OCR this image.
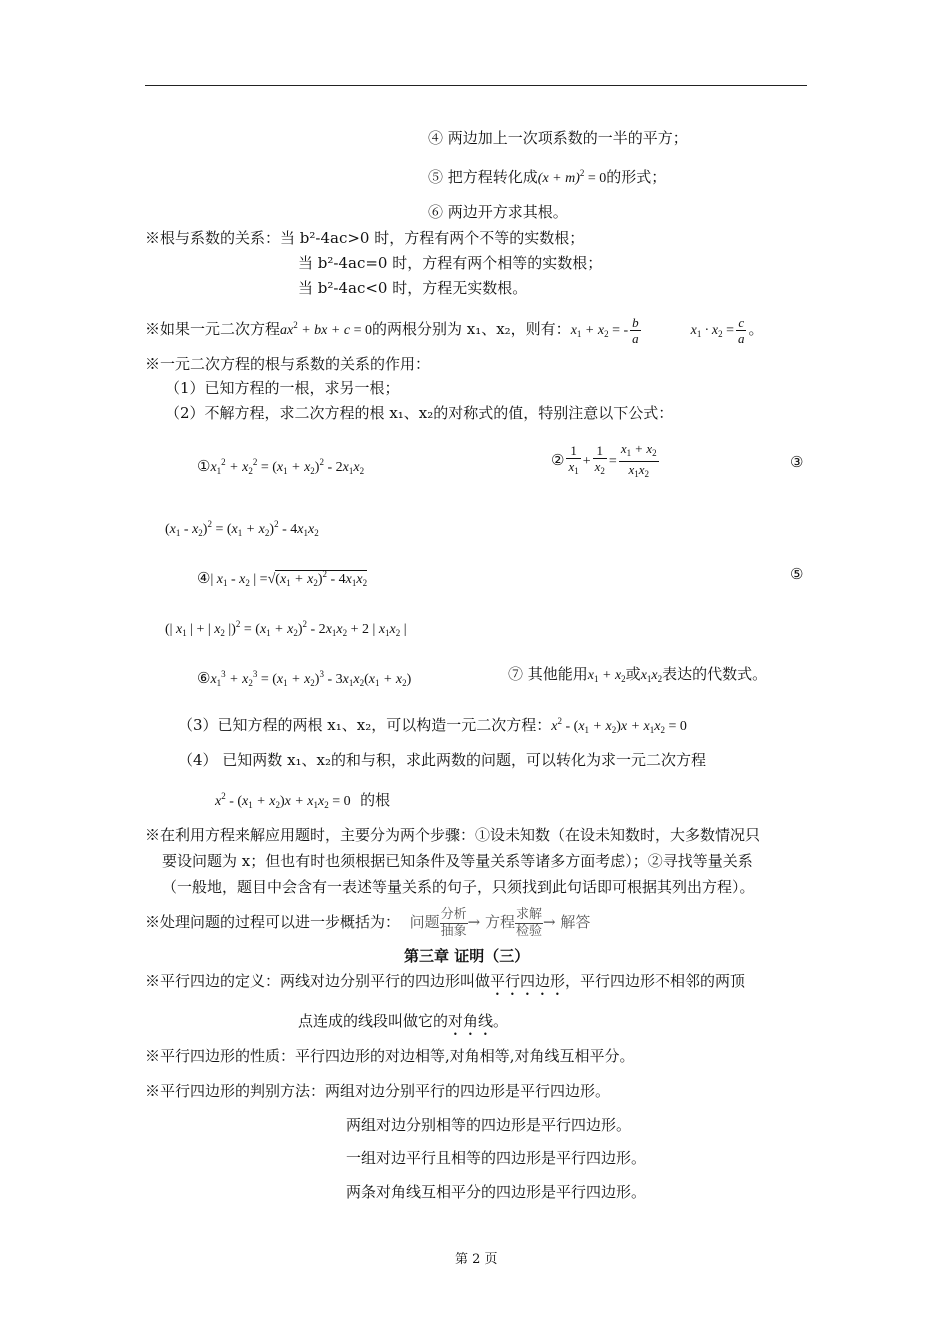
④ 两边加上一次项系数的一半的平方；
⑤ 把方程转化成$(x + m)^2 = 0$的形式；
⑥ 两边开方求其根。
※根与系数的关系：当 b²-4ac>0 时，方程有两个不等的实数根；
当 b²-4ac=0 时，方程有两个相等的实数根；
当 b²-4ac<0 时，方程无实数根。
※如果一元二次方程$ax^2$ + bx + c = 0的两根分别为 x₁、x₂，则有：$x_1 + x_2$ = - $\frac{b}{a}$	$x_1 \cdot x_2 = \frac{c}{a}$ 。
※一元二次方程的根与系数的关系的作用：
（1）已知方程的一根，求另一根；
（2）不解方程，求二次方程的根 x₁、x₂的对称式的值，特别注意以下公式：
$①x_1^2 + x_2^2 = (x_1 + x_2)^2 - 2x_1x_2$
② $\frac{1}{x_1} + \frac{1}{x_2} = \frac{x_1 + x_2}{x_1x_2}$	③
$(x_1 - x_2)^2 = (x_1 + x_2)^2 - 4x_1x_2$
④| $x_1 - x_2$ | $=√(x_1 + x_2)^2 - 4x_1x_2$	⑤
(| $x_1$ | + | $x_2$ $|)^2 = (x_1 + x_2)^2 - 2x_1x_2 + 2$ | $x_1x_2$ |
$⑥x_1^3 + x_2^3 = (x_1 + x_2)^3 - 3x_1x_2(x_1 + x_2)$	⑦ 其他能用$x_1 + x_2$或$x_1x_2$表达的代数式。
（3）已知方程的两根 x₁、x₂，可以构造一元二次方程：$x^2 - (x_1 + x_2)x + x_1x_2 = 0$
（4） 已知两数 x₁、x₂的和与积，求此两数的问题，可以转化为求一元二次方程
$x^2 - (x_1 + x_2)x + x_1x_2 = 0$ 的根
※在利用方程来解应用题时，主要分为两个步骤：①设未知数（在设未知数时，大多数情况只
要设问题为 x；但也有时也须根据已知条件及等量关系等诸多方面考虑）；②寻找等量关系
（一般地，题目中会含有一表述等量关系的句子，只须找到此句话即可根据其列出方程）。
※处理问题的过程可以进一步概括为： 问题 分析
抽象 → 方程 求解
检验 → 解答
第三章 证明（三）
※平行四边的定义：两线对边分别平行的四边形叫做平行四边形，平行四边形不相邻的两顶
点连成的线段叫做它的对角线。
※平行四边形的性质：平行四边形的对边相等,对角相等,对角线互相平分。
※平行四边形的判别方法：两组对边分别平行的四边形是平行四边形。
两组对边分别相等的四边形是平行四边形。
一组对边平行且相等的四边形是平行四边形。
两条对角线互相平分的四边形是平行四边形。
第 2 页
